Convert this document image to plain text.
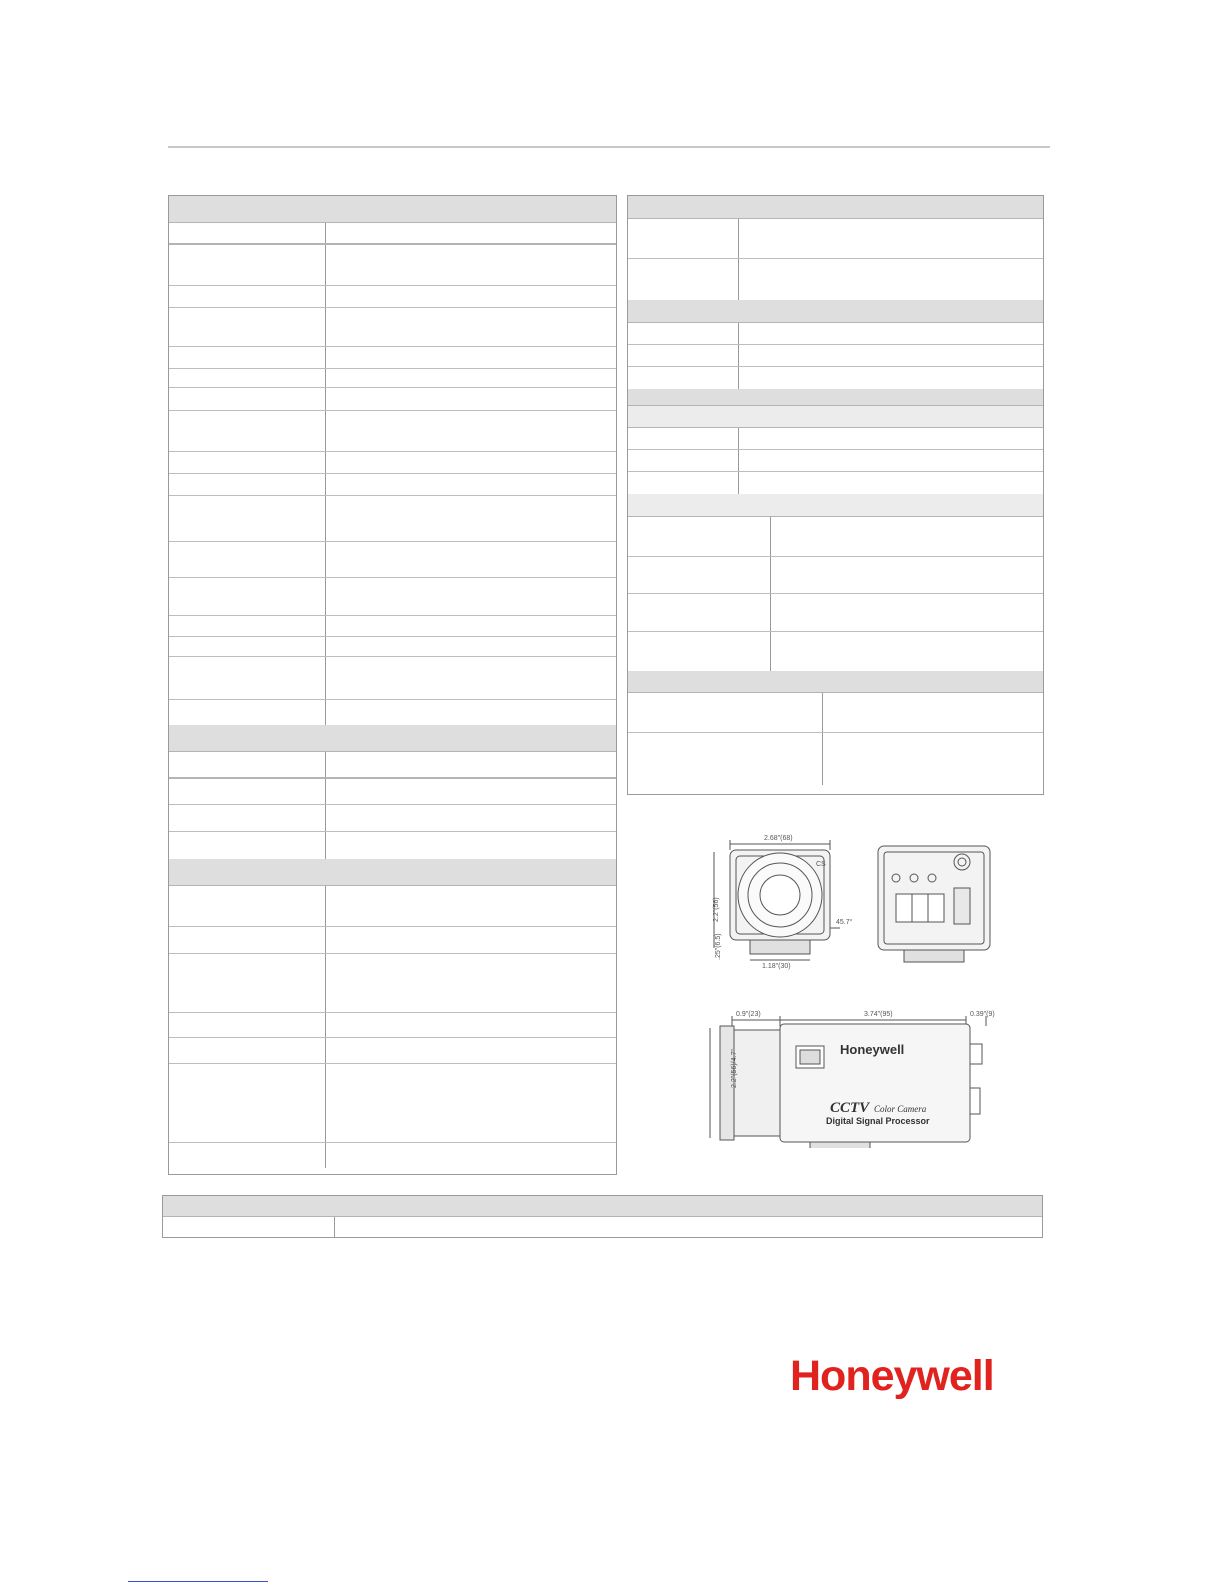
2.68"(68)
CS
45.7°
1.18"(30)
2.2"(56)
.25"(6.5)
0.9"(23)	3.74"(95)	0.39"(9)
2.2"(56)/4.7"	Honeywell
CCTV Color Camera
Digital Signal Processor
Honeywell
